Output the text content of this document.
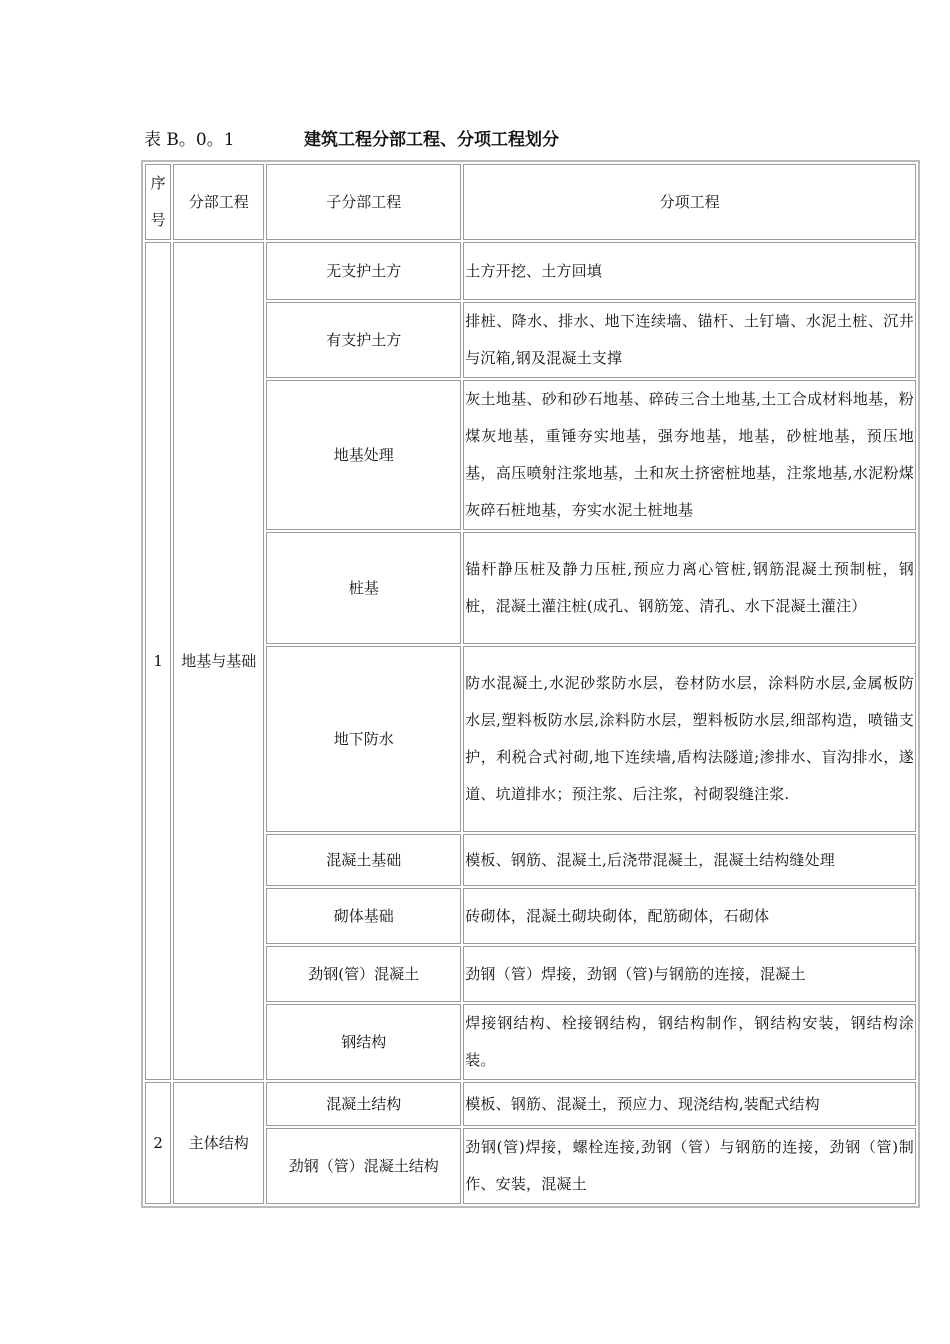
表 B。0。1	建筑工程分部工程、分项工程划分
序
号	分部工程	子分部工程	分项工程
1	地基与基础	无支护土方	土方开挖、土方回填
		有支护土方	排桩、降水、排水、地下连续墙、锚杆、土钉墙、水泥土桩、沉井与沉箱,钢及混凝土支撑
		地基处理	灰土地基、砂和砂石地基、碎砖三合土地基,土工合成材料地基，粉煤灰地基，重锤夯实地基，强夯地基，地基，砂桩地基，预压地基，高压喷射注浆地基，土和灰土挤密桩地基，注浆地基,水泥粉煤灰碎石桩地基，夯实水泥土桩地基
		桩基	锚杆静压桩及静力压桩,预应力离心管桩,钢筋混凝土预制桩，钢桩，混凝土灌注桩(成孔、钢筋笼、清孔、水下混凝土灌注）
		地下防水	防水混凝土,水泥砂浆防水层，卷材防水层，涂料防水层,金属板防水层,塑料板防水层,涂料防水层，塑料板防水层,细部构造，喷锚支护，利税合式衬砌,地下连续墙,盾构法隧道;渗排水、盲沟排水，遂道、坑道排水；预注浆、后注浆，衬砌裂缝注浆.
		混凝土基础	模板、钢筋、混凝土,后浇带混凝土，混凝土结构缝处理
		砌体基础	砖砌体，混凝土砌块砌体，配筋砌体，石砌体
		劲钢(管）混凝土	劲钢（管）焊接，劲钢（管)与钢筋的连接，混凝土
		钢结构	焊接钢结构、栓接钢结构，钢结构制作，钢结构安装，钢结构涂装。
2	主体结构	混凝土结构	模板、钢筋、混凝土，预应力、现浇结构,装配式结构
		劲钢（管）混凝土结构	劲钢(管)焊接，螺栓连接,劲钢（管）与钢筋的连接，劲钢（管)制作、安装，混凝土
